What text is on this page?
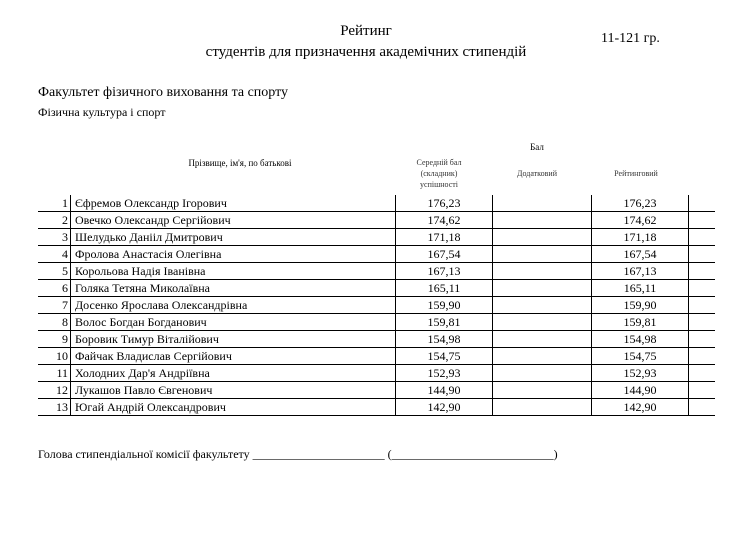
Рейтинг
студентів для призначення академічних стипендій
11-121 гр.
Факультет фізичного виховання та спорту
Фізична культура і спорт
Бал
Прізвище, ім'я, по батькові	Середній бал
(складник)
успішності
Додатковий	Рейтинговий
1	Єфремов Олександр Ігорович	176,23		176,23	
2	Овечко Олександр Сергійович	174,62		174,62	
3	Шелудько Данііл Дмитрович	171,18		171,18	
4	Фролова Анастасія Олегівна	167,54		167,54	
5	Корольова Надія Іванівна	167,13		167,13	
6	Голяка Тетяна Миколаївна	165,11		165,11	
7	Досенко Ярослава Олександрівна	159,90		159,90	
8	Волос Богдан Богданович	159,81		159,81	
9	Боровик Тимур Віталійович	154,98		154,98	
10	Файчак Владислав Сергійович	154,75		154,75	
11	Холодних Дар'я Андріївна	152,93		152,93	
12	Лукашов Павло Євгенович	144,90		144,90	
13	Югай Андрій Олександрович	142,90		142,90	
Голова стипендіальної комісії факультету ______________________ (___________________________)
